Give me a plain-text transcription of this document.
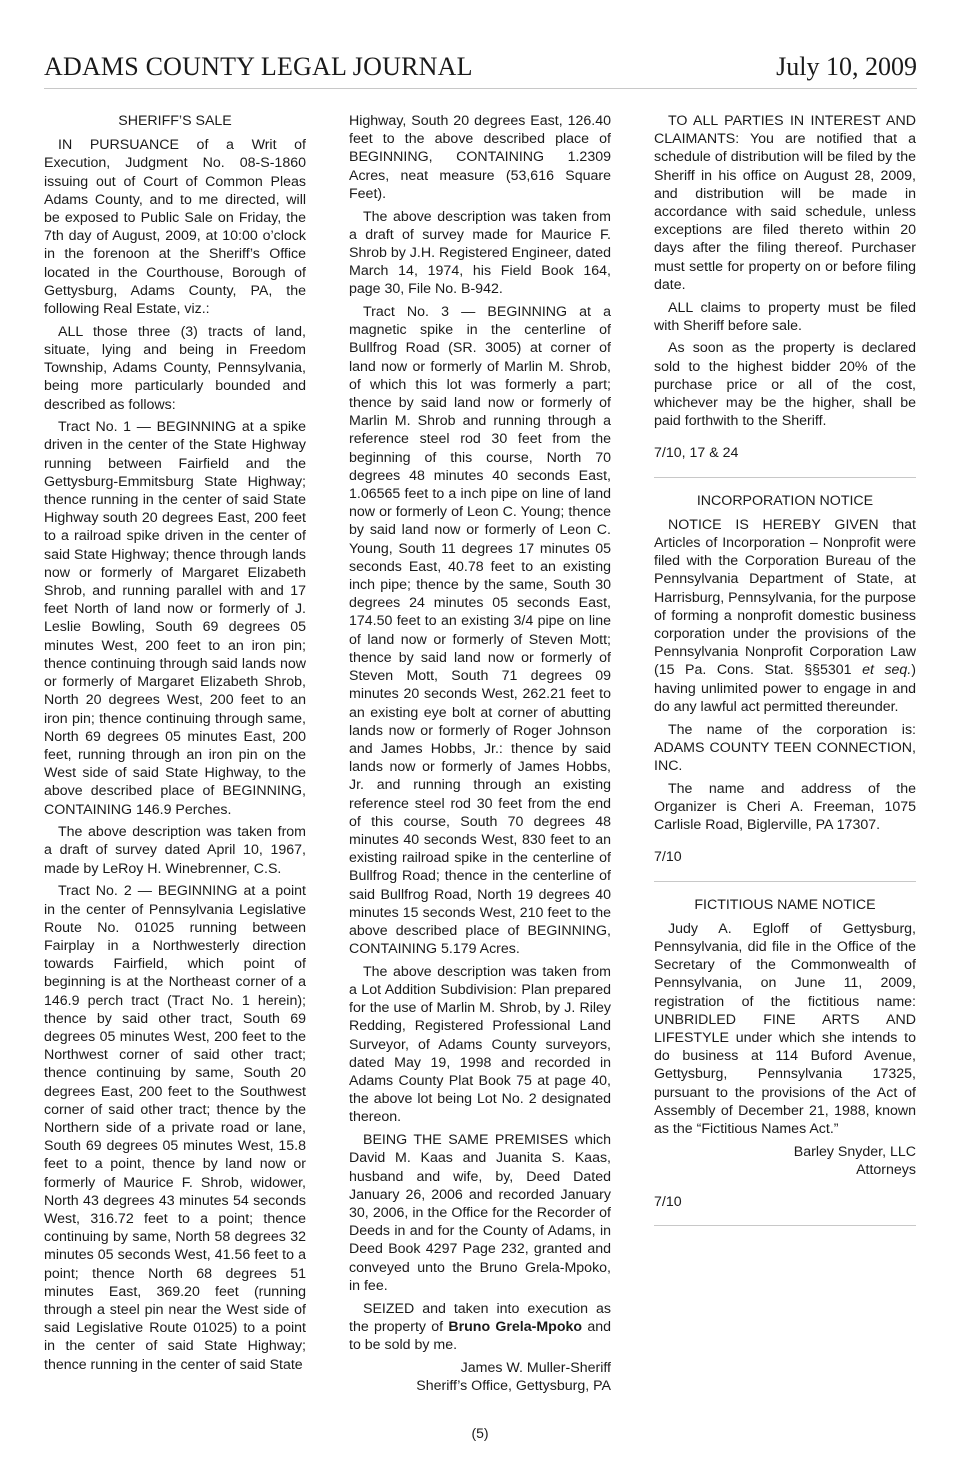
ADAMS COUNTY LEGAL JOURNAL	July 10, 2009
SHERIFF’S SALE

IN PURSUANCE of a Writ of Execution, Judgment No. 08-S-1860 issuing out of Court of Common Pleas Adams County, and to me directed, will be exposed to Public Sale on Friday, the 7th day of August, 2009, at 10:00 o’clock in the forenoon at the Sheriff’s Office located in the Courthouse, Borough of Gettysburg, Adams County, PA, the following Real Estate, viz.:

ALL those three (3) tracts of land, situate, lying and being in Freedom Township, Adams County, Pennsylvania, being more particularly bounded and described as follows:

Tract No. 1 — BEGINNING at a spike driven in the center of the State Highway running between Fairfield and the Gettysburg-Emmitsburg State Highway; thence running in the center of said State Highway south 20 degrees East, 200 feet to a railroad spike driven in the center of said State Highway; thence through lands now or formerly of Margaret Elizabeth Shrob, and running parallel with and 17 feet North of land now or formerly of J. Leslie Bowling, South 69 degrees 05 minutes West, 200 feet to an iron pin; thence continuing through said lands now or formerly of Margaret Elizabeth Shrob, North 20 degrees West, 200 feet to an iron pin; thence continuing through same, North 69 degrees 05 minutes East, 200 feet, running through an iron pin on the West side of said State Highway, to the above described place of BEGINNING, CONTAINING 146.9 Perches.

The above description was taken from a draft of survey dated April 10, 1967, made by LeRoy H. Winebrenner, C.S.

Tract No. 2 — BEGINNING at a point in the center of Pennsylvania Legislative Route No. 01025 running between Fairplay in a Northwesterly direction towards Fairfield, which point of beginning is at the Northeast corner of a 146.9 perch tract (Tract No. 1 herein); thence by said other tract, South 69 degrees 05 minutes West, 200 feet to the Northwest corner of said other tract; thence continuing by same, South 20 degrees East, 200 feet to the Southwest corner of said other tract; thence by the Northern side of a private road or lane, South 69 degrees 05 minutes West, 15.8 feet to a point, thence by land now or formerly of Maurice F. Shrob, widower, North 43 degrees 43 minutes 54 seconds West, 316.72 feet to a point; thence continuing by same, North 58 degrees 32 minutes 05 seconds West, 41.56 feet to a point; thence North 68 degrees 51 minutes East, 369.20 feet (running through a steel pin near the West side of said Legislative Route 01025) to a point in the center of said State Highway; thence running in the center of said State

Highway, South 20 degrees East, 126.40 feet to the above described place of BEGINNING, CONTAINING 1.2309 Acres, neat measure (53,616 Square Feet).

The above description was taken from a draft of survey made for Maurice F. Shrob by J.H. Registered Engineer, dated March 14, 1974, his Field Book 164, page 30, File No. B-942.

Tract No. 3 — BEGINNING at a magnetic spike in the centerline of Bullfrog Road (SR. 3005) at corner of land now or formerly of Marlin M. Shrob, of which this lot was formerly a part; thence by said land now or formerly of Marlin M. Shrob and running through a reference steel rod 30 feet from the beginning of this course, North 70 degrees 48 minutes 40 seconds East, 1.06565 feet to a inch pipe on line of land now or formerly of Leon C. Young; thence by said land now or formerly of Leon C. Young, South 11 degrees 17 minutes 05 seconds East, 40.78 feet to an existing inch pipe; thence by the same, South 30 degrees 24 minutes 05 seconds East, 174.50 feet to an existing 3/4 pipe on line of land now or formerly of Steven Mott; thence by said land now or formerly of Steven Mott, South 71 degrees 09 minutes 20 seconds West, 262.21 feet to an existing eye bolt at corner of abutting lands now or formerly of Roger Johnson and James Hobbs, Jr.: thence by said lands now or formerly of James Hobbs, Jr. and running through an existing reference steel rod 30 feet from the end of this course, South 70 degrees 48 minutes 40 seconds West, 830 feet to an existing railroad spike in the centerline of Bullfrog Road; thence in the centerline of said Bullfrog Road, North 19 degrees 40 minutes 15 seconds West, 210 feet to the above described place of BEGINNING, CONTAINING 5.179 Acres.

The above description was taken from a Lot Addition Subdivision: Plan prepared for the use of Marlin M. Shrob, by J. Riley Redding, Registered Professional Land Surveyor, of Adams County surveyors, dated May 19, 1998 and recorded in Adams County Plat Book 75 at page 40, the above lot being Lot No. 2 designated thereon.

BEING THE SAME PREMISES which David M. Kaas and Juanita S. Kaas, husband and wife, by, Deed Dated January 26, 2006 and recorded January 30, 2006, in the Office for the Recorder of Deeds in and for the County of Adams, in Deed Book 4297 Page 232, granted and conveyed unto the Bruno Grela-Mpoko, in fee.

SEIZED and taken into execution as the property of Bruno Grela-Mpoko and to be sold by me.

James W. Muller-Sheriff

Sheriff’s Office, Gettysburg, PA

TO ALL PARTIES IN INTEREST AND CLAIMANTS: You are notified that a schedule of distribution will be filed by the Sheriff in his office on August 28, 2009, and distribution will be made in accordance with said schedule, unless exceptions are filed thereto within 20 days after the filing thereof. Purchaser must settle for property on or before filing date.

ALL claims to property must be filed with Sheriff before sale.

As soon as the property is declared sold to the highest bidder 20% of the purchase price or all of the cost, whichever may be the higher, shall be paid forthwith to the Sheriff.

7/10, 17 & 24

INCORPORATION NOTICE

NOTICE IS HEREBY GIVEN that Articles of Incorporation – Nonprofit were filed with the Corporation Bureau of the Pennsylvania Department of State, at Harrisburg, Pennsylvania, for the purpose of forming a nonprofit domestic business corporation under the provisions of the Pennsylvania Nonprofit Corporation Law (15 Pa. Cons. Stat. §§5301 et seq.) having unlimited power to engage in and do any lawful act permitted thereunder.

The name of the corporation is: ADAMS COUNTY TEEN CONNECTION, INC.

The name and address of the Organizer is Cheri A. Freeman, 1075 Carlisle Road, Biglerville, PA 17307.

7/10

FICTITIOUS NAME NOTICE

Judy A. Egloff of Gettysburg, Pennsylvania, did file in the Office of the Secretary of the Commonwealth of Pennsylvania, on June 11, 2009, registration of the fictitious name: UNBRIDLED FINE ARTS AND LIFESTYLE under which she intends to do business at 114 Buford Avenue, Gettysburg, Pennsylvania 17325, pursuant to the provisions of the Act of Assembly of December 21, 1988, known as the “Fictitious Names Act.”

Barley Snyder, LLC

Attorneys

7/10

(5)
